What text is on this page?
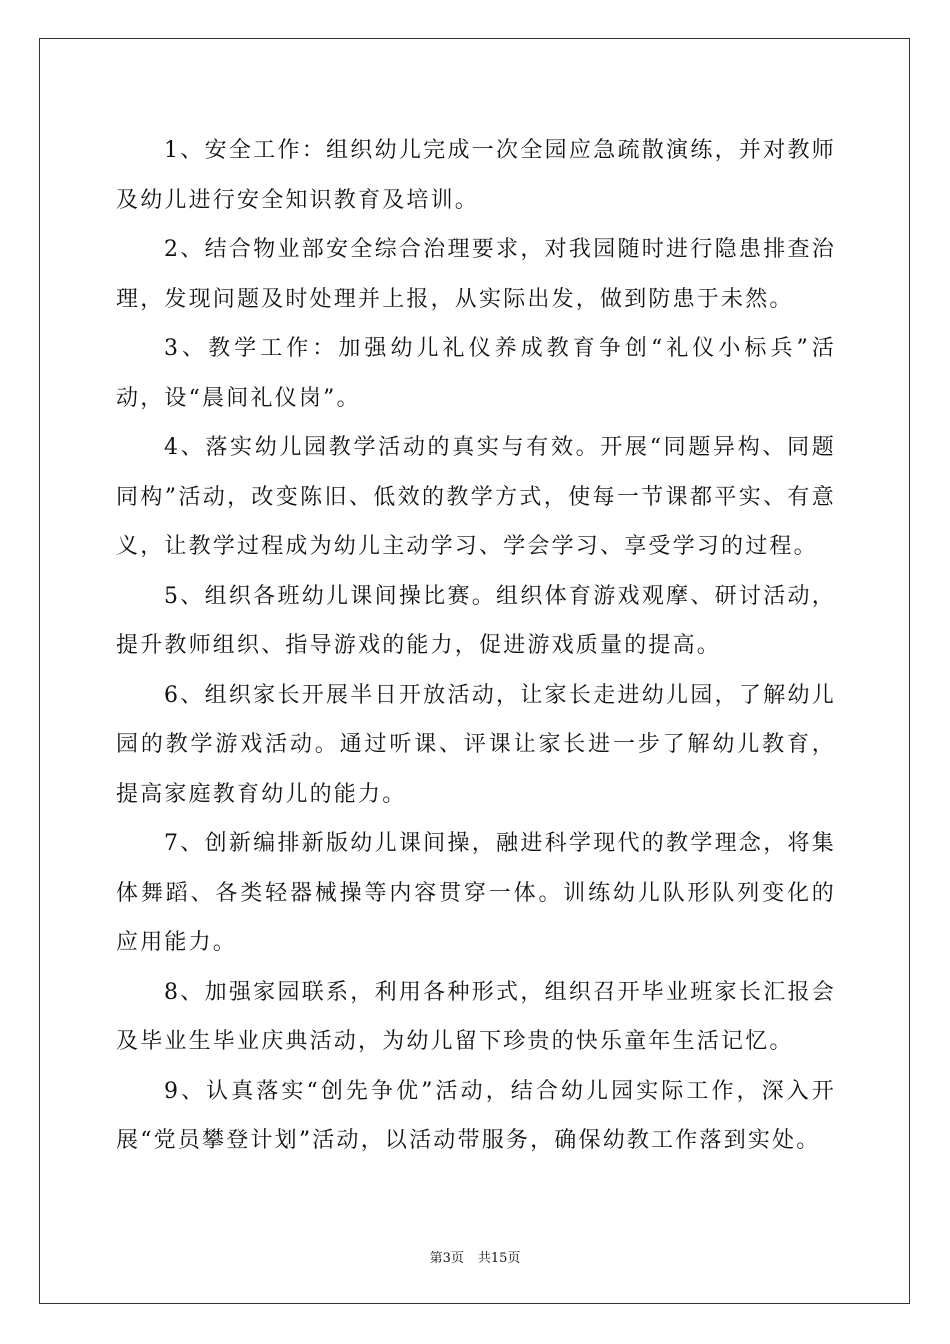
1、安全工作：组织幼儿完成一次全园应急疏散演练，并对教师及幼儿进行安全知识教育及培训。

2、结合物业部安全综合治理要求，对我园随时进行隐患排查治理，发现问题及时处理并上报，从实际出发，做到防患于未然。

3、教学工作：加强幼儿礼仪养成教育争创“礼仪小标兵”活动，设“晨间礼仪岗”。

4、落实幼儿园教学活动的真实与有效。开展“同题异构、同题同构”活动，改变陈旧、低效的教学方式，使每一节课都平实、有意义，让教学过程成为幼儿主动学习、学会学习、享受学习的过程。

5、组织各班幼儿课间操比赛。组织体育游戏观摩、研讨活动，提升教师组织、指导游戏的能力，促进游戏质量的提高。

6、组织家长开展半日开放活动，让家长走进幼儿园，了解幼儿园的教学游戏活动。通过听课、评课让家长进一步了解幼儿教育，提高家庭教育幼儿的能力。

7、创新编排新版幼儿课间操，融进科学现代的教学理念，将集体舞蹈、各类轻器械操等内容贯穿一体。训练幼儿队形队列变化的应用能力。

8、加强家园联系，利用各种形式，组织召开毕业班家长汇报会及毕业生毕业庆典活动，为幼儿留下珍贵的快乐童年生活记忆。

9、认真落实“创先争优”活动，结合幼儿园实际工作，深入开展“党员攀登计划”活动，以活动带服务，确保幼教工作落到实处。

第3页 共15页
